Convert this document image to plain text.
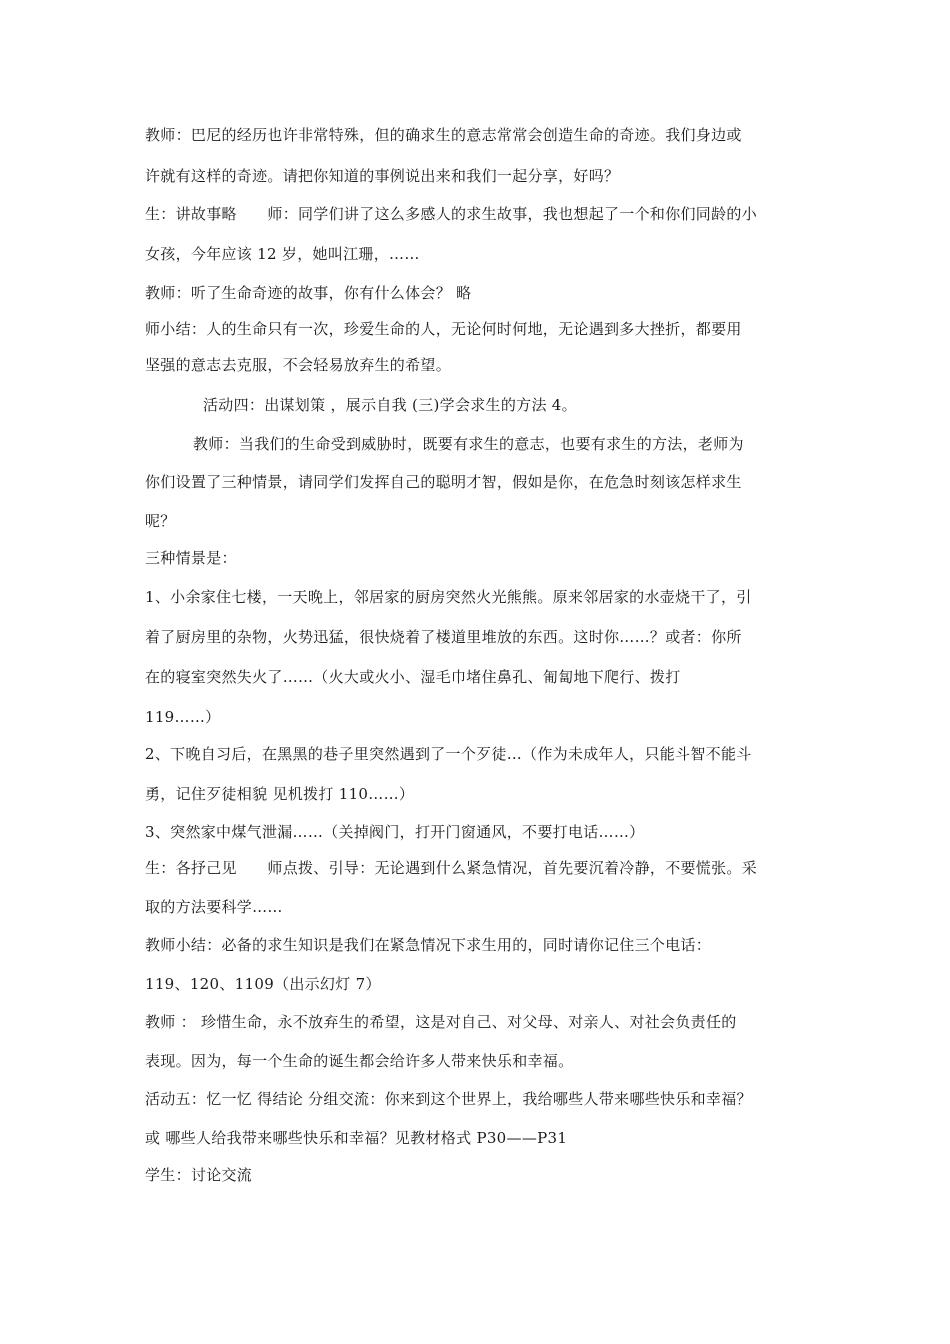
教师：巴尼的经历也许非常特殊，但的确求生的意志常常会创造生命的奇迹。我们身边或
许就有这样的奇迹。请把你知道的事例说出来和我们一起分享，好吗？
生：讲故事略　　师：同学们讲了这么多感人的求生故事，我也想起了一个和你们同龄的小
女孩，今年应该 12 岁，她叫江珊，……
教师：听了生命奇迹的故事，你有什么体会？ 略
师小结：人的生命只有一次，珍爱生命的人，无论何时何地，无论遇到多大挫折，都要用
坚强的意志去克服，不会轻易放弃生的希望。
活动四：出谋划策 ，展示自我 (三)学会求生的方法 4。
教师：当我们的生命受到威胁时，既要有求生的意志，也要有求生的方法，老师为
你们设置了三种情景，请同学们发挥自己的聪明才智，假如是你，在危急时刻该怎样求生
呢？
三种情景是：
1、小余家住七楼，一天晚上，邻居家的厨房突然火光熊熊。原来邻居家的水壶烧干了，引
着了厨房里的杂物，火势迅猛，很快烧着了楼道里堆放的东西。这时你……？或者：你所
在的寝室突然失火了……（火大或火小、湿毛巾堵住鼻孔、匍匐地下爬行、拨打
119……）
2、下晚自习后，在黑黑的巷子里突然遇到了一个歹徒…（作为未成年人，只能斗智不能斗
勇，记住歹徒相貌 见机拨打 110……）
3、突然家中煤气泄漏……（关掉阀门，打开门窗通风，不要打电话……）
生：各抒己见　　师点拨、引导：无论遇到什么紧急情况，首先要沉着冷静，不要慌张。采
取的方法要科学……
教师小结：必备的求生知识是我们在紧急情况下求生用的，同时请你记住三个电话：
119、120、1109（出示幻灯 7）
教师 ： 珍惜生命，永不放弃生的希望，这是对自己、对父母、对亲人、对社会负责任的
表现。因为，每一个生命的诞生都会给许多人带来快乐和幸福。
活动五：忆一忆 得结论 分组交流：你来到这个世界上，我给哪些人带来哪些快乐和幸福？
或 哪些人给我带来哪些快乐和幸福？见教材格式 P30——P31
学生：讨论交流
